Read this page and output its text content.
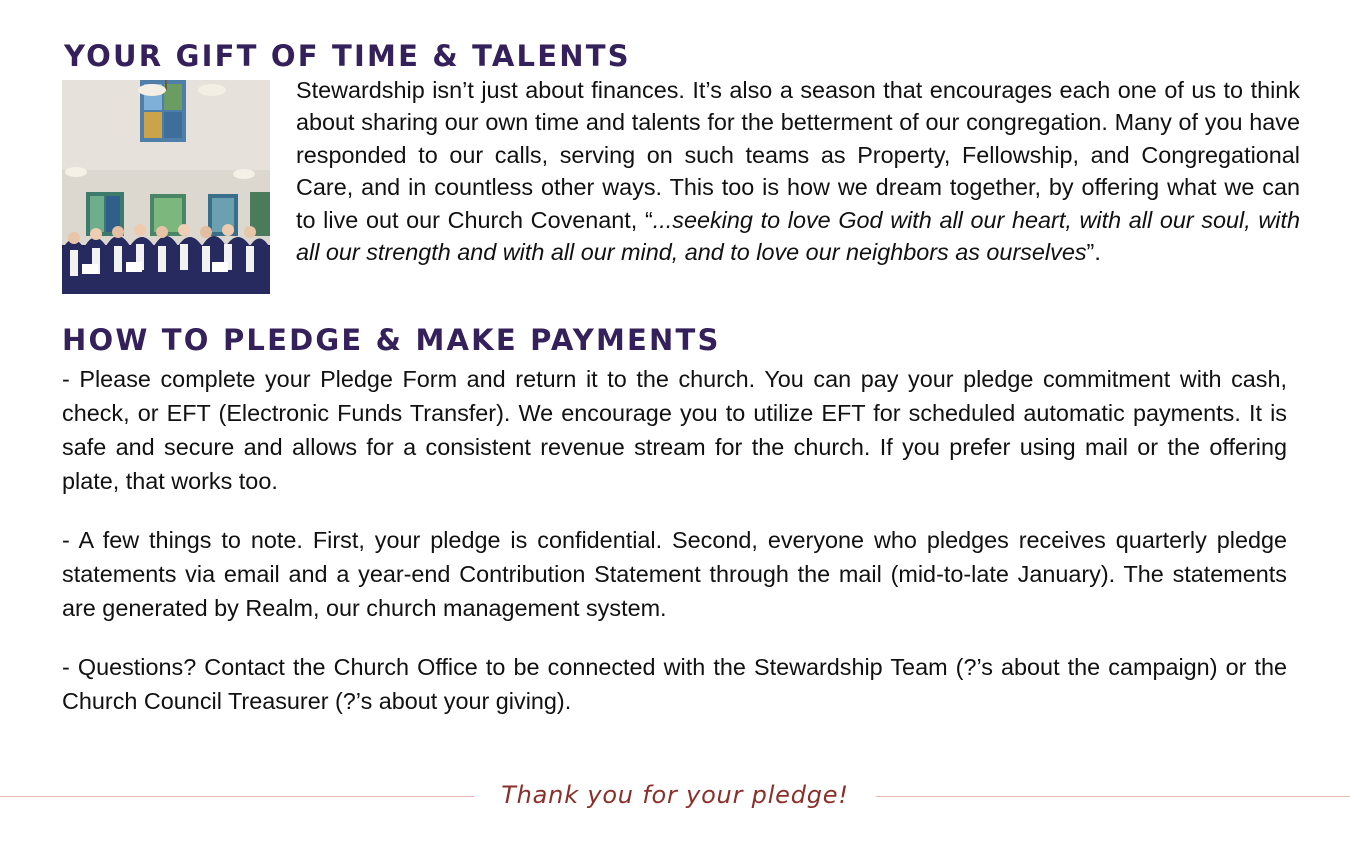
YOUR GIFT OF TIME & TALENTS

Stewardship isn’t just about finances. It’s also a season that encourages each one of us to think about sharing our own time and talents for the betterment of our congregation. Many of you have responded to our calls, serving on such teams as Property, Fellowship, and Congregational Care, and in countless other ways. This too is how we dream together, by offering what we can to live out our Church Covenant, “...seeking to love God with all our heart, with all our soul, with all our strength and with all our mind, and to love our neighbors as ourselves”.

HOW TO PLEDGE & MAKE PAYMENTS

- Please complete your Pledge Form and return it to the church. You can pay your pledge commitment with cash, check, or EFT (Electronic Funds Transfer). We encourage you to utilize EFT for scheduled automatic payments. It is safe and secure and allows for a consistent revenue stream for the church. If you prefer using mail or the offering plate, that works too.

- A few things to note. First, your pledge is confidential. Second, everyone who pledges receives quarterly pledge statements via email and a year-end Contribution Statement through the mail (mid-to-late January). The statements are generated by Realm, our church management system.

- Questions? Contact the Church Office to be connected with the Stewardship Team (?’s about the campaign) or the Church Council Treasurer (?’s about your giving).

Thank you for your pledge!
